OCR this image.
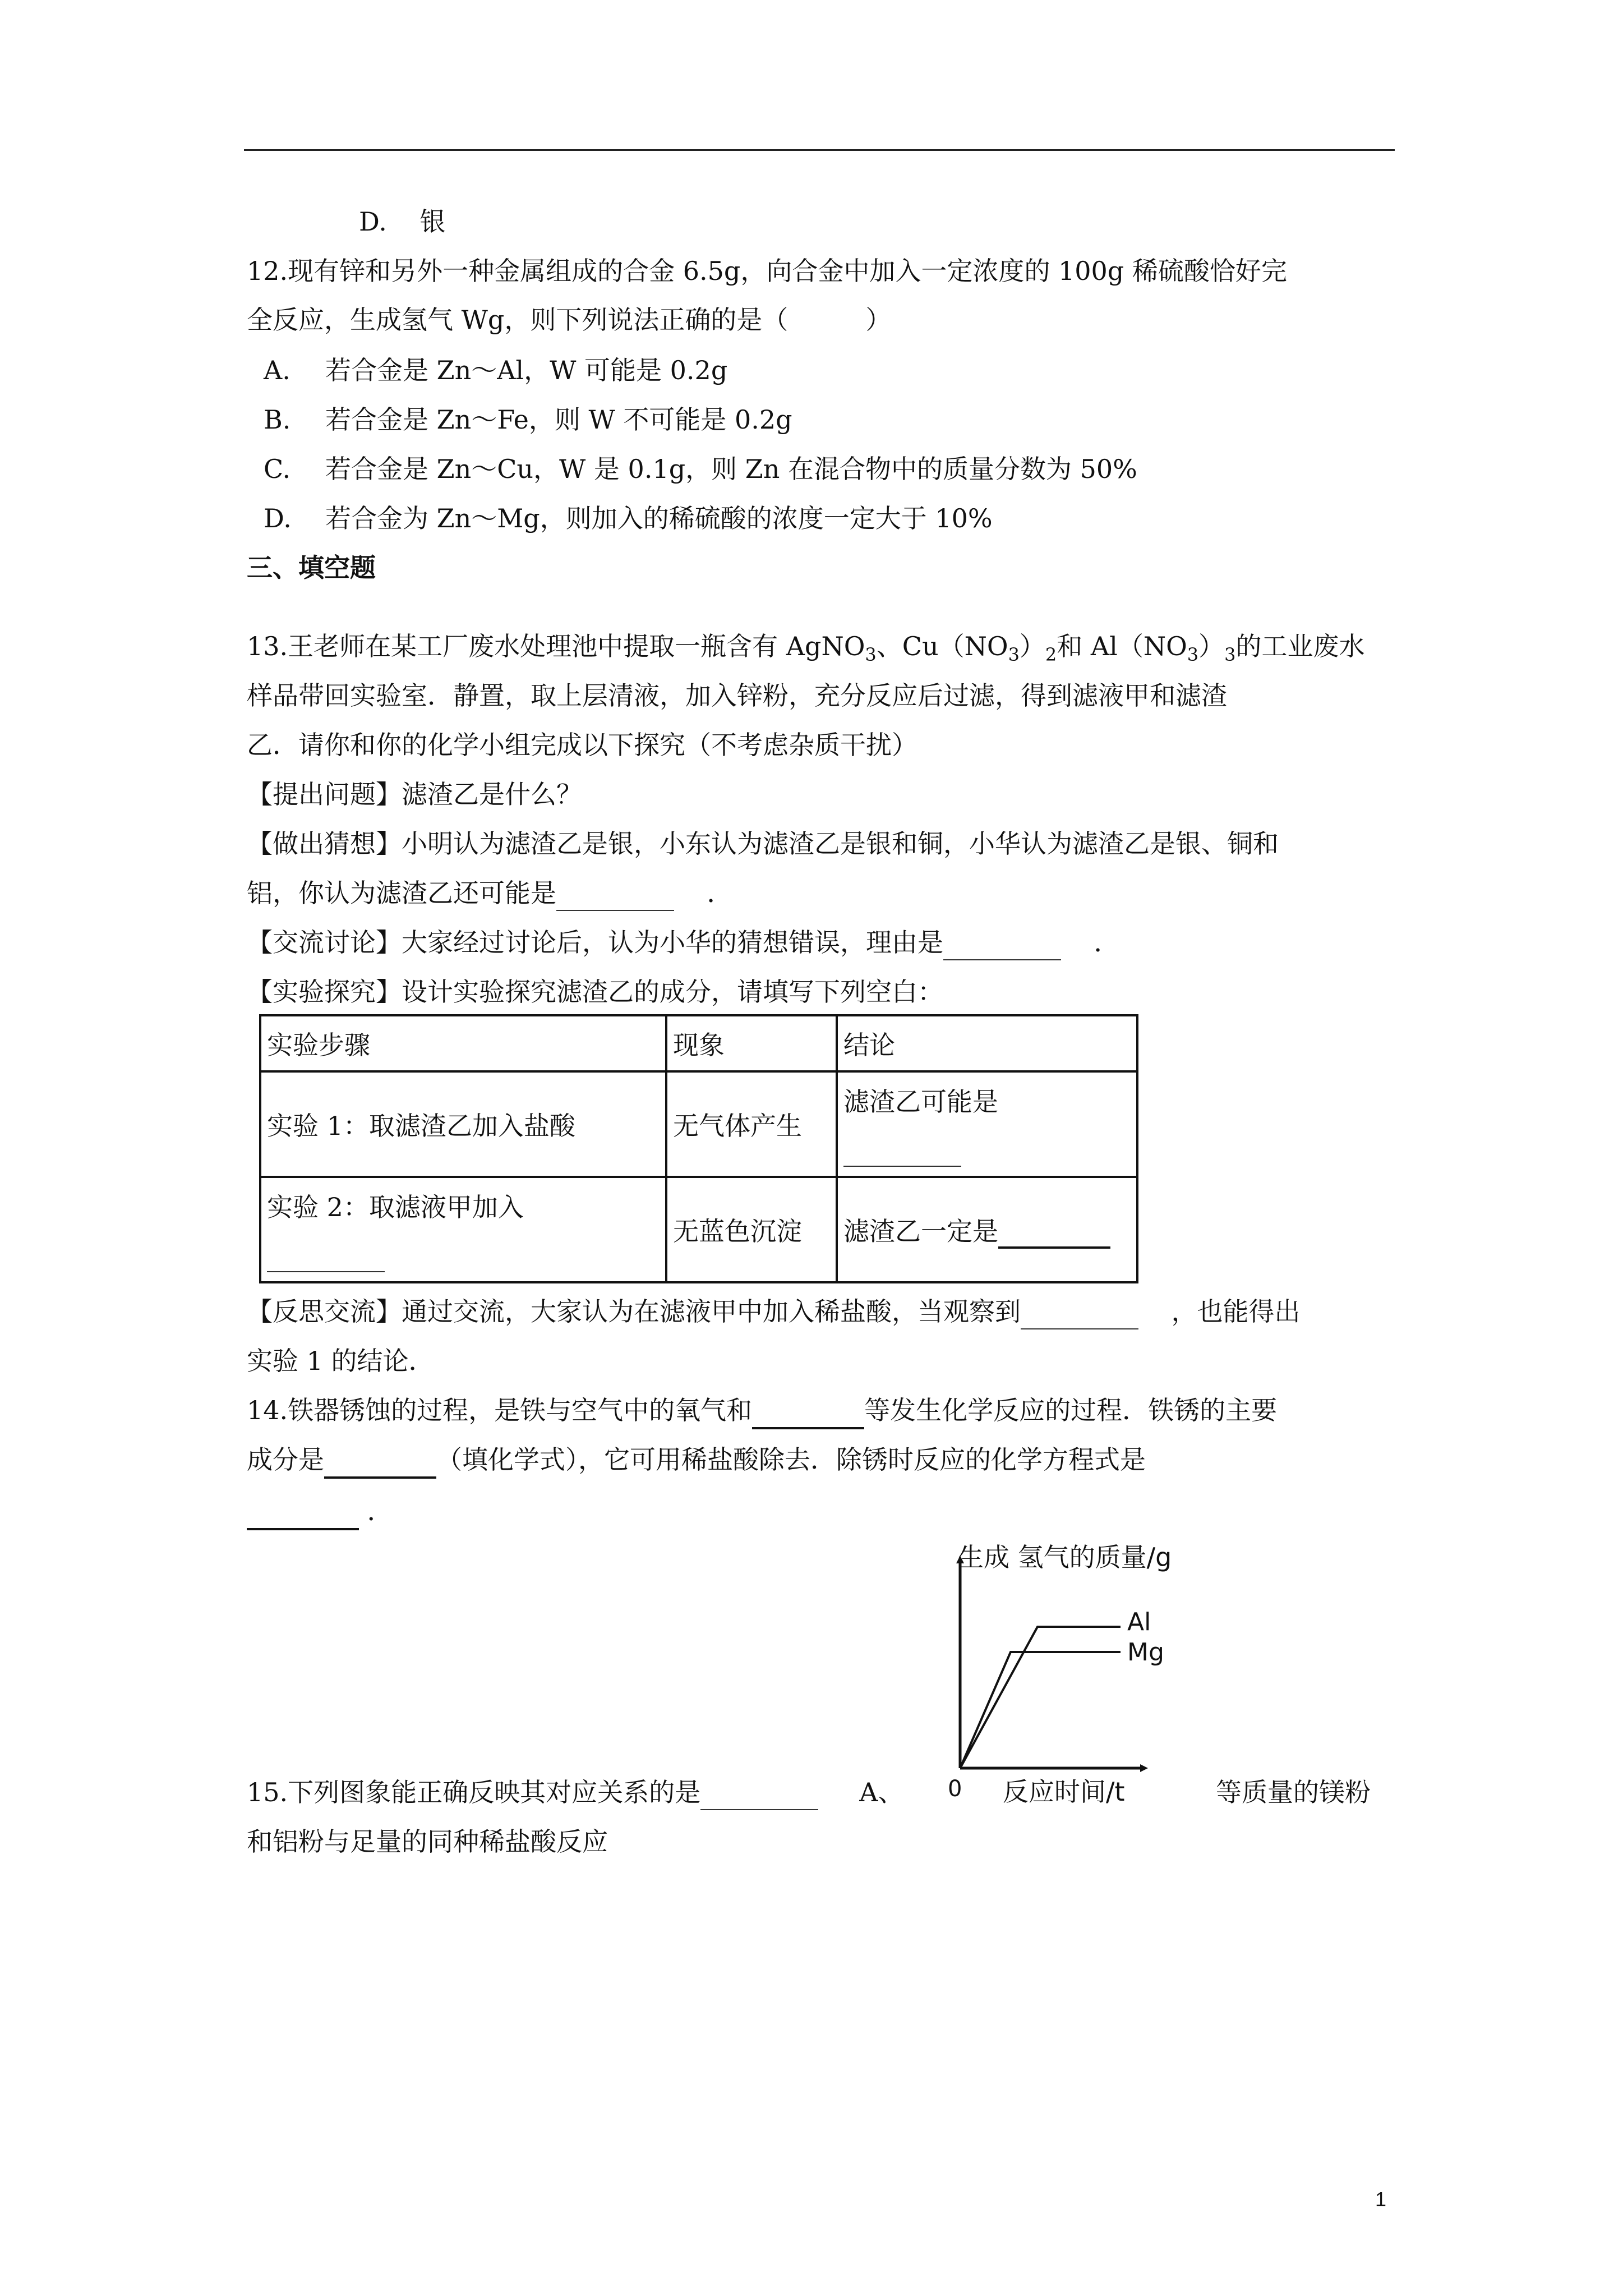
D. 银
12.现有锌和另外一种金属组成的合金 6.5g，向合金中加入一定浓度的 100g 稀硫酸恰好完
全反应，生成氢气 Wg，则下列说法正确的是（　　　）
A. 若合金是 Zn～Al，W 可能是 0.2g
B. 若合金是 Zn～Fe，则 W 不可能是 0.2g
C. 若合金是 Zn～Cu，W 是 0.1g，则 Zn 在混合物中的质量分数为 50%
D. 若合金为 Zn～Mg，则加入的稀硫酸的浓度一定大于 10%
三、填空题
13.王老师在某工厂废水处理池中提取一瓶含有 AgNO$_3$、$Cu(NO_3)_2$和 $Al(NO_3)_3$的工业废水
样品带回实验室．静置，取上层清液，加入锌粉，充分反应后过滤，得到滤液甲和滤渣
乙．请你和你的化学小组完成以下探究（不考虑杂质干扰）
【提出问题】滤渣乙是什么？
【做出猜想】小明认为滤渣乙是银，小东认为滤渣乙是银和铜，小华认为滤渣乙是银、铜和
铝，你认为滤渣乙还可能是	．
【交流讨论】大家经过讨论后，认为小华的猜想错误，理由是	．
【实验探究】设计实验探究滤渣乙的成分，请填写下列空白：
实验步骤	现象	结论
实验 1：取滤渣乙加入盐酸	无气体产生	滤渣乙可能是

实验 2：取滤液甲加入	无蓝色沉淀	滤渣乙一定是
【反思交流】通过交流，大家认为在滤液甲中加入稀盐酸，当观察到	，也能得出
实验 1 的结论．
14.铁器锈蚀的过程，是铁与空气中的氧气和	等发生化学反应的过程．铁锈的主要
成分是	（填化学式），它可用稀盐酸除去．除锈时反应的化学方程式是
．
生成 氢气的质量/g
Al
Mg
0 反应时间/t
15.下列图象能正确反映其对应关系的是	A、	等质量的镁粉
和铝粉与足量的同种稀盐酸反应
1
